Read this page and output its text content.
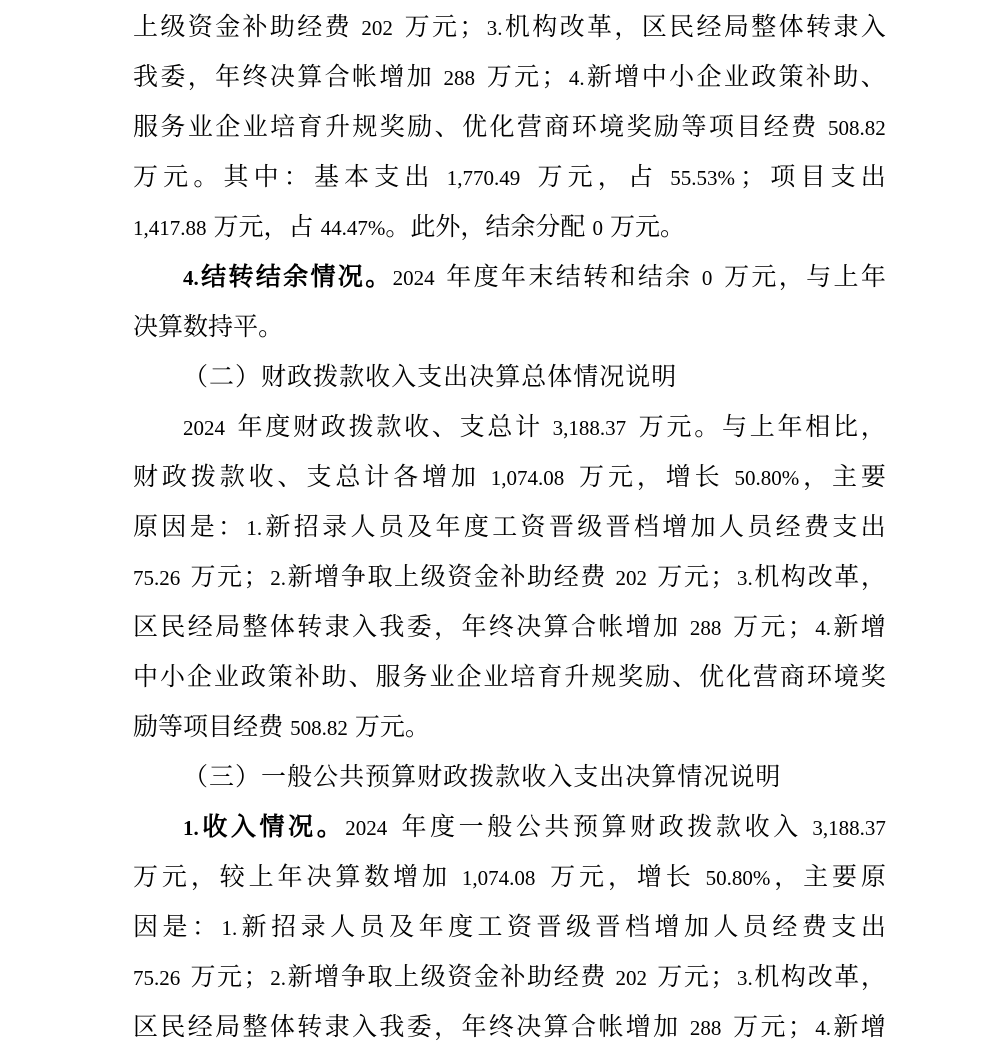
上 级 资 金 补 助 经 费 202 万 元 ； 3. 机 构 改 革 ， 区 民 经 局 整 体 转 隶 入
我 委 ， 年 终 决 算 合 帐 增 加 288 万 元 ； 4. 新 增 中 小 企 业 政 策 补 助 、
服 务 业 企 业 培 育 升 规 奖 励 、 优 化 营 商 环 境 奖 励 等 项 目 经 费 508.82
万 元 。 其 中 ： 基 本 支 出 1,770.49 万 元 ， 占 55.53% ； 项 目 支 出
1,417.88 万元，占 44.47%。此外，结余分配 0 万元。
4. 结 转 结 余 情 况 。 2024 年 度 年 末 结 转 和 结 余 0 万 元 ， 与 上 年
决算数持平。
（二）财政拨款收入支出决算总体情况说明
2024 年 度 财 政 拨 款 收 、 支 总 计 3,188.37 万 元 。 与 上 年 相 比 ，
财 政 拨 款 收 、 支 总 计 各 增 加 1,074.08 万 元 ， 增 长 50.80% ， 主 要
原 因 是 ： 1. 新 招 录 人 员 及 年 度 工 资 晋 级 晋 档 增 加 人 员 经 费 支 出
75.26 万 元 ； 2. 新 增 争 取 上 级 资 金 补 助 经 费 202 万 元 ； 3. 机 构 改 革 ，
区 民 经 局 整 体 转 隶 入 我 委 ， 年 终 决 算 合 帐 增 加 288 万 元 ； 4. 新 增
中 小 企 业 政 策 补 助 、 服 务 业 企 业 培 育 升 规 奖 励 、 优 化 营 商 环 境 奖
励等项目经费 508.82 万元。
（三）一般公共预算财政拨款收入支出决算情况说明
1. 收 入 情 况 。 2024 年 度 一 般 公 共 预 算 财 政 拨 款 收 入 3,188.37
万 元 ， 较 上 年 决 算 数 增 加 1,074.08 万 元 ， 增 长 50.80% ， 主 要 原
因 是 ： 1. 新 招 录 人 员 及 年 度 工 资 晋 级 晋 档 增 加 人 员 经 费 支 出
75.26 万 元 ； 2. 新 增 争 取 上 级 资 金 补 助 经 费 202 万 元 ； 3. 机 构 改 革 ，
区 民 经 局 整 体 转 隶 入 我 委 ， 年 终 决 算 合 帐 增 加 288 万 元 ； 4. 新 增
